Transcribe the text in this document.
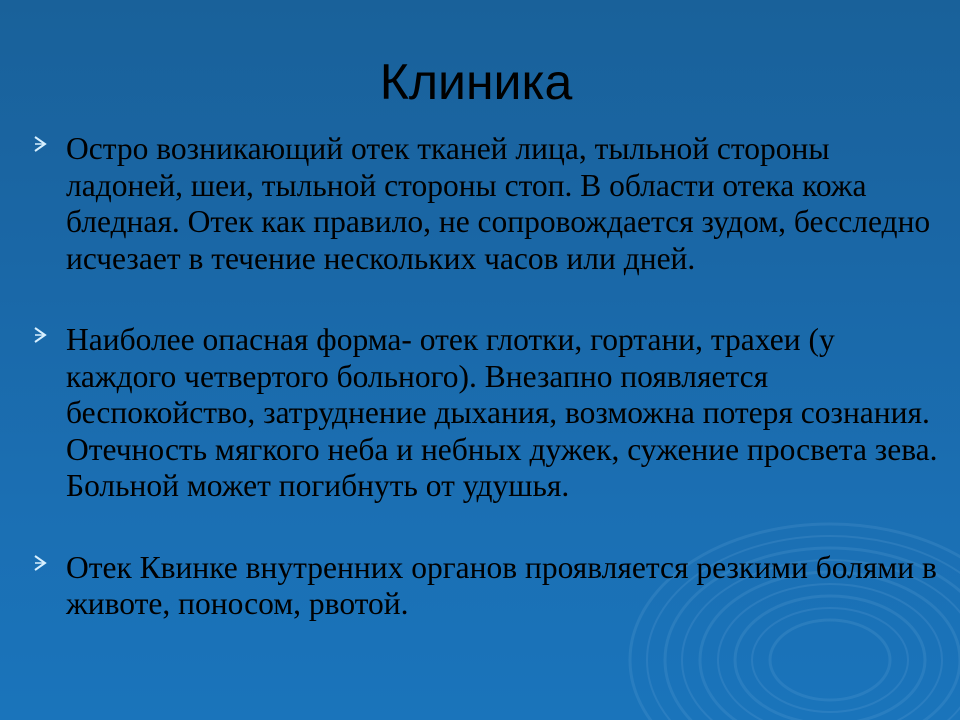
Клиника
Остро возникающий отек тканей лица, тыльной стороны ладоней, шеи, тыльной стороны стоп. В области отека кожа бледная. Отек как правило, не сопровождается зудом, бесследно исчезает в течение нескольких часов или дней.
Наиболее опасная форма- отек глотки, гортани, трахеи (у каждого четвертого больного). Внезапно появляется беспокойство, затруднение дыхания, возможна потеря сознания. Отечность мягкого неба и небных дужек, сужение просвета зева. Больной может погибнуть от удушья.
Отек Квинке внутренних органов проявляется резкими болями в животе, поносом, рвотой.
